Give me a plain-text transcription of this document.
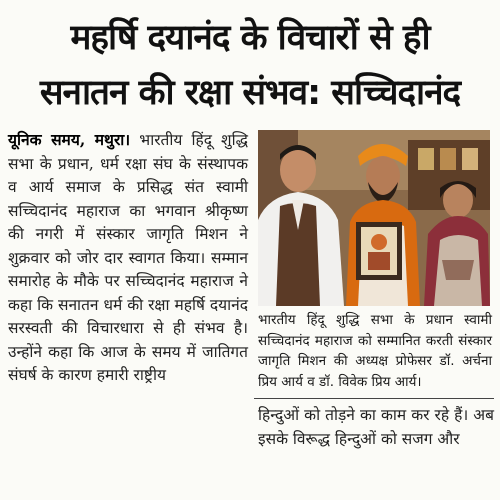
महर्षि दयानंद के विचारों से ही
सनातन की रक्षा संभव: सच्चिदानंद
यूनिक समय, मथुरा। भारतीय हिंदू शुद्धि सभा के प्रधान, धर्म रक्षा संघ के संस्थापक व आर्य समाज के प्रसिद्ध संत स्वामी सच्चिदानंद महाराज का भगवान श्रीकृष्ण की नगरी में संस्कार जागृति मिशन ने शुक्रवार को जोर दार स्वागत किया। सम्मान समारोह के मौके पर सच्चिदानंद महाराज ने कहा कि सनातन धर्म की रक्षा महर्षि दयानंद सरस्वती की विचारधारा से ही संभव है। उन्होंने कहा कि आज के समय में जातिगत संघर्ष के कारण हमारी राष्ट्रीय
भारतीय हिंदू शुद्धि सभा के प्रधान स्वामी सच्चिदानंद महाराज को सम्मानित करती संस्कार जागृति मिशन की अध्यक्ष प्रोफेसर डॉ. अर्चना प्रिय आर्य व डॉ. विवेक प्रिय आर्य।
हिन्दुओं को तोड़ने का काम कर रहे हैं। अब इसके विरूद्ध हिन्दुओं को सजग और
